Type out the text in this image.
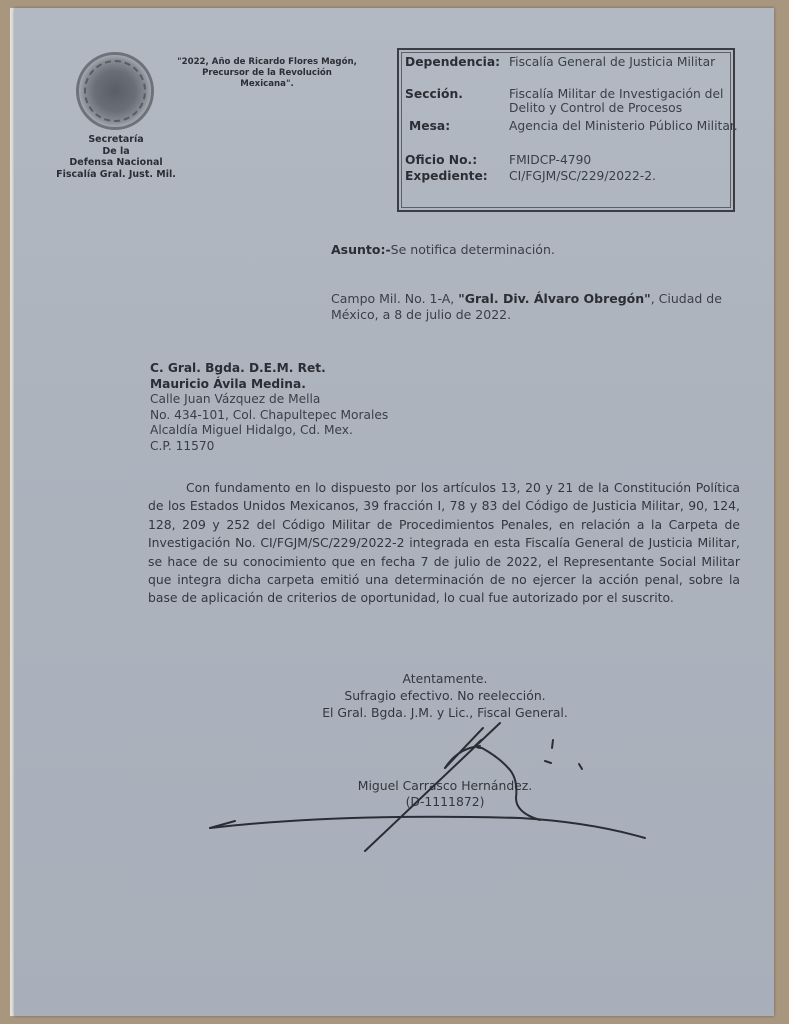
Secretaría
De la
Defensa Nacional
Fiscalía Gral. Just. Mil.
"2022, Año de Ricardo Flores Magón,
Precursor de la Revolución
Mexicana".
Dependencia: Fiscalía General de Justicia Militar
Sección.	Fiscalía Militar de Investigación del Delito y Control de Procesos
Mesa:	Agencia del Ministerio Público Militar.
Oficio No.:	FMIDCP-4790
Expediente: CI/FGJM/SC/229/2022-2.
Asunto:-Se notifica determinación.
Campo Mil. No. 1-A, "Gral. Div. Álvaro Obregón", Ciudad de México, a 8 de julio de 2022.
C. Gral. Bgda. D.E.M. Ret.
Mauricio Ávila Medina.
Calle Juan Vázquez de Mella
No. 434-101, Col. Chapultepec Morales
Alcaldía Miguel Hidalgo, Cd. Mex.
C.P. 11570
Con fundamento en lo dispuesto por los artículos 13, 20 y 21 de la Constitución Política de los Estados Unidos Mexicanos, 39 fracción I, 78 y 83 del Código de Justicia Militar, 90, 124, 128, 209 y 252 del Código Militar de Procedimientos Penales, en relación a la Carpeta de Investigación No. CI/FGJM/SC/229/2022-2 integrada en esta Fiscalía General de Justicia Militar, se hace de su conocimiento que en fecha 7 de julio de 2022, el Representante Social Militar que integra dicha carpeta emitió una determinación de no ejercer la acción penal, sobre la base de aplicación de criterios de oportunidad, lo cual fue autorizado por el suscrito.
Atentamente.
Sufragio efectivo. No reelección.
El Gral. Bgda. J.M. y Lic., Fiscal General.
Miguel Carrasco Hernández.
(D-1111872)
